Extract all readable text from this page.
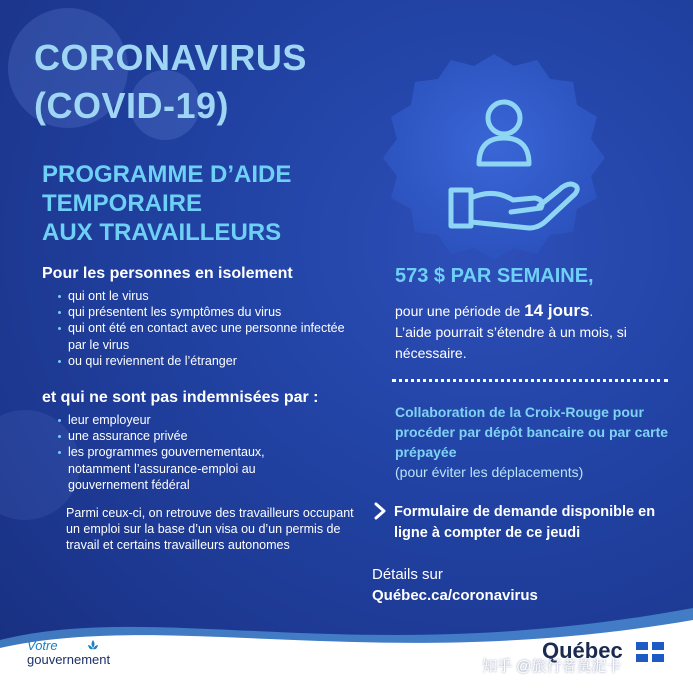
CORONAVIRUS
(COVID-19)
PROGRAMME D’AIDE
TEMPORAIRE
AUX TRAVAILLEURS

Pour les personnes en isolement

qui ont le virus
qui présentent les symptômes du virus
qui ont été en contact avec une personne infectée par le virus
ou qui reviennent de l’étranger

et qui ne sont pas indemnisées par :

leur employeur
une assurance privée
les programmes gouvernementaux, notamment l’assurance-emploi au gouvernement fédéral

Parmi ceux-ci, on retrouve des travailleurs occupant un emploi sur la base d’un visa ou d’un permis de travail et certains travailleurs autonomes

573 $ PAR SEMAINE,

pour une période de 14 jours.
L’aide pourrait s’étendre à un mois, si nécessaire.

Collaboration de la Croix-Rouge pour procéder par dépôt bancaire ou par carte prépayée
(pour éviter les déplacements)

Formulaire de demande disponible en ligne à compter de ce jeudi

Détails sur
Québec.ca/coronavirus

Votre
gouvernement	Québec
知乎 @旅行者莫泥卡
